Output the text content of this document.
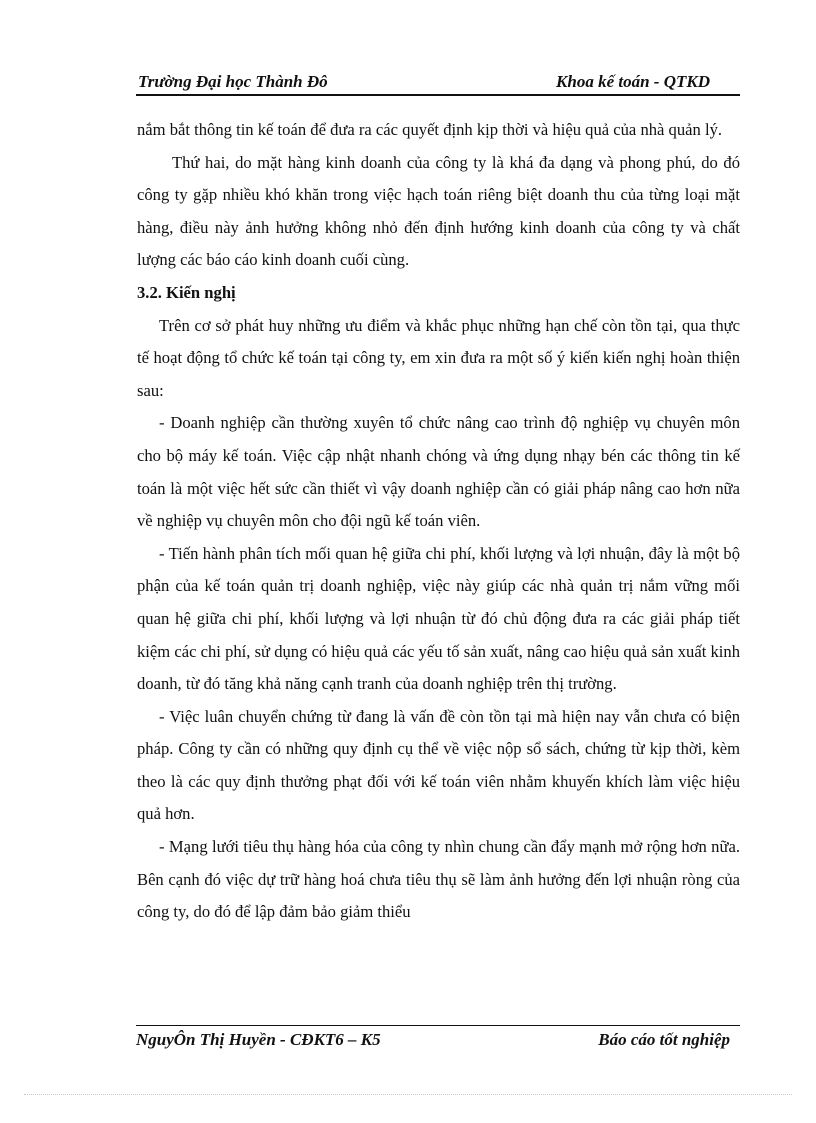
Trường Đại học Thành Đô	Khoa kế toán - QTKD

nắm bắt thông tin kế toán để đưa ra các quyết định kịp thời và hiệu quả của nhà quản lý.

Thứ hai, do mặt hàng kinh doanh của công ty là khá đa dạng và phong phú, do đó công ty gặp nhiều khó khăn trong việc hạch toán riêng biệt doanh thu của từng loại mặt hàng, điều này ảnh hưởng không nhỏ đến định hướng kinh doanh của công ty và chất lượng các báo cáo kinh doanh cuối cùng.

3.2. Kiến nghị

Trên cơ sở phát huy những ưu điểm và khắc phục những hạn chế còn tồn tại, qua thực tế hoạt động tổ chức kế toán tại công ty, em xin đưa ra một số ý kiến kiến nghị hoàn thiện sau:

- Doanh nghiệp cần thường xuyên tổ chức nâng cao trình độ nghiệp vụ chuyên môn cho bộ máy kế toán. Việc cập nhật nhanh chóng và ứng dụng nhạy bén các thông tin kế toán là một việc hết sức cần thiết vì vậy doanh nghiệp cần có giải pháp nâng cao hơn nữa về nghiệp vụ chuyên môn cho đội ngũ kế toán viên.

- Tiến hành phân tích mối quan hệ giữa chi phí, khối lượng và lợi nhuận, đây là một bộ phận của kế toán quản trị doanh nghiệp, việc này giúp các nhà quản trị nắm vững mối quan hệ giữa chi phí, khối lượng và lợi nhuận từ đó chủ động đưa ra các giải pháp tiết kiệm các chi phí, sử dụng có hiệu quả các yếu tố sản xuất, nâng cao hiệu quả sản xuất kinh doanh, từ đó tăng khả năng cạnh tranh của doanh nghiệp trên thị trường.

- Việc luân chuyển chứng từ đang là vấn đề còn tồn tại mà hiện nay vẫn chưa có biện pháp. Công ty cần có những quy định cụ thể về việc nộp sổ sách, chứng từ kịp thời, kèm theo là các quy định thưởng phạt đối với kế toán viên nhằm khuyến khích làm việc hiệu quả hơn.

- Mạng lưới tiêu thụ hàng hóa của công ty nhìn chung cần đẩy mạnh mở rộng hơn nữa. Bên cạnh đó việc dự trữ hàng hoá chưa tiêu thụ sẽ làm ảnh hưởng đến lợi nhuận ròng của công ty, do đó để lập đảm bảo giảm thiểu

NguyÔn Thị Huyền - CĐKT6 – K5	Báo cáo tốt nghiệp
